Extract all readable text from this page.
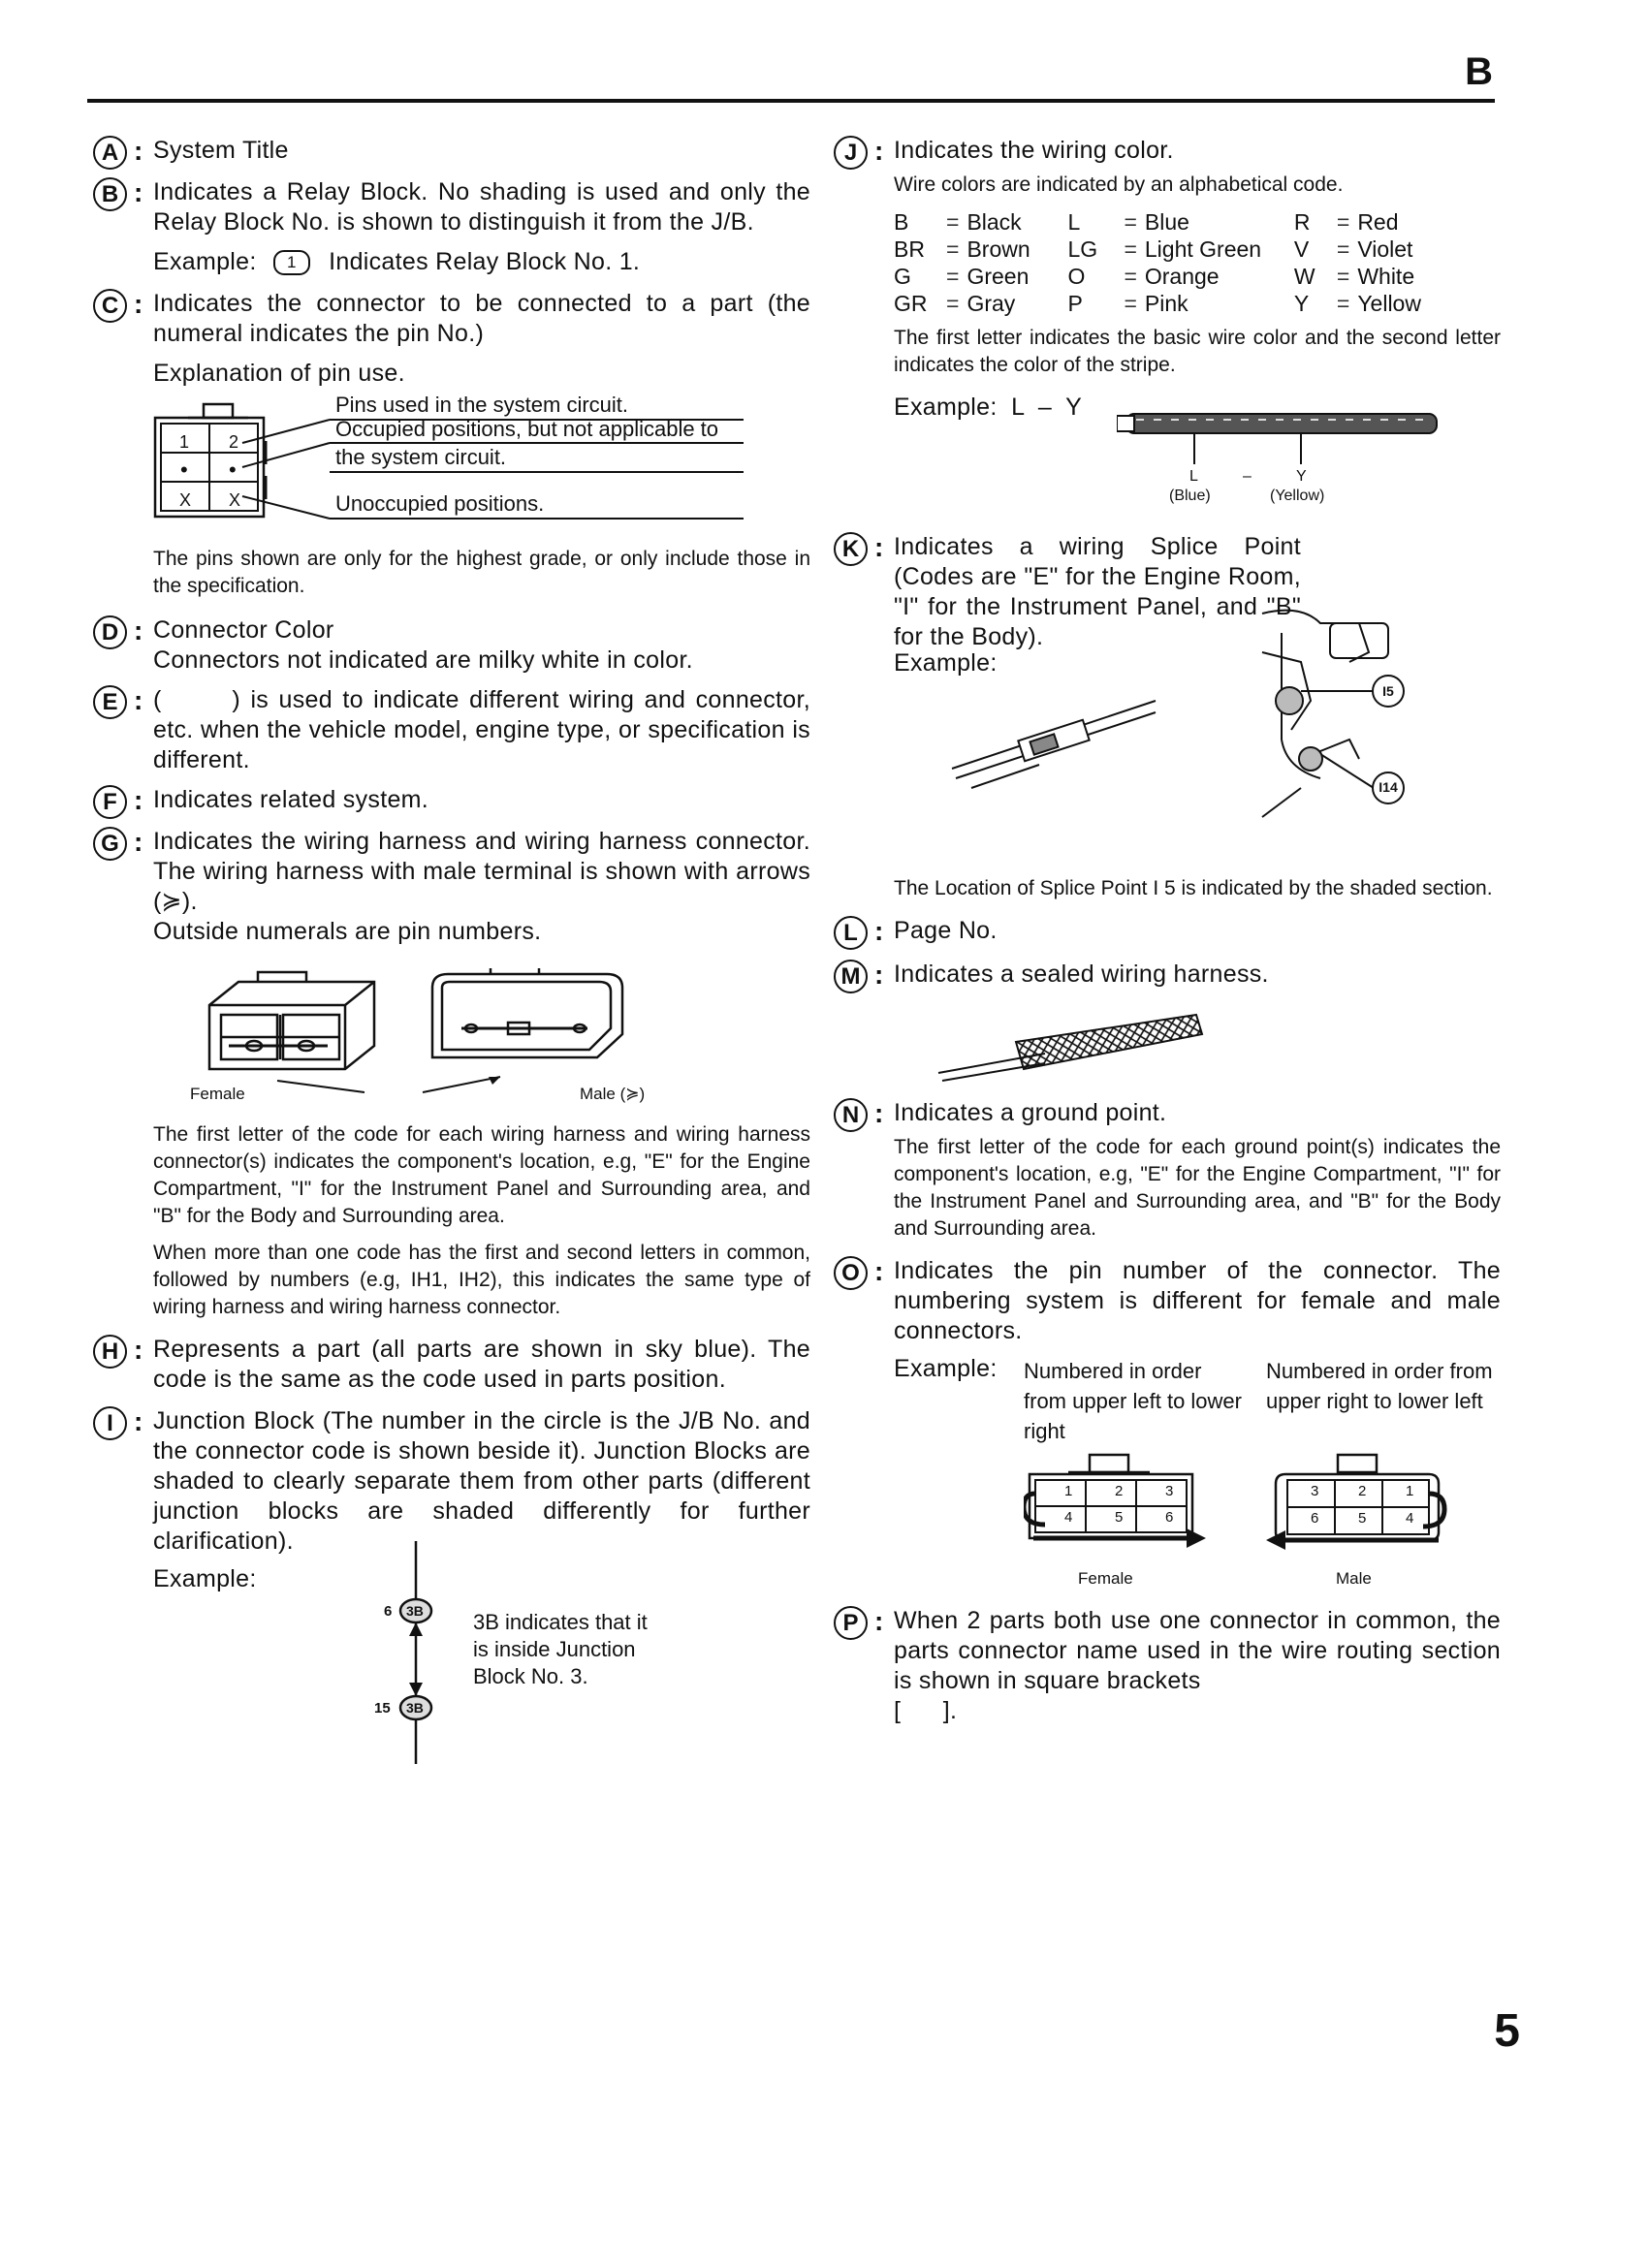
B
A :	System Title

B :	Indicates a Relay Block. No shading is used and only the Relay Block No. is shown to distinguish it from the J/B.

Example: 1 Indicates Relay Block No. 1.

C :	Indicates the connector to be connected to a part (the numeral indicates the pin No.)

Explanation of pin use.

1 2
• •
X X
Pins used in the system circuit.
Occupied positions, but not applicable to the system circuit.
Unoccupied positions.

The pins shown are only for the highest grade, or only include those in the specification.

D :	Connector Color

Connectors not indicated are milky white in color.

E :	(       ) is used to indicate different wiring and connector, etc. when the vehicle model, engine type, or specification is different.

F :	Indicates related system.

G :	Indicates the wiring harness and wiring harness connector. The wiring harness with male terminal is shown with arrows (≽).

Outside numerals are pin numbers.

Female	Male (≽)

The first letter of the code for each wiring harness and wiring harness connector(s) indicates the component's location, e.g, "E" for the Engine Compartment, "I" for the Instrument Panel and Surrounding area, and "B" for the Body and Surrounding area.

When more than one code has the first and second letters in common, followed by numbers (e.g, IH1, IH2), this indicates the same type of wiring harness and wiring harness connector.

H :	Represents a part (all parts are shown in sky blue). The code is the same as the code used in parts position.

I :	Junction Block (The number in the circle is the J/B No. and the connector code is shown beside it). Junction Blocks are shaded to clearly separate them from other parts (different junction blocks are shaded differently for further clarification).

Example:

6 3B
15 3B

3B indicates that it is inside Junction Block No. 3.

J :	Indicates the wiring color.

Wire colors are indicated by an alphabetical code.

B	=	Black	L	=	Blue	R	=	Red
BR	=	Brown	LG	=	Light Green	V	=	Violet
G	=	Green	O	=	Orange	W	=	White
GR	=	Gray	P	=	Pink	Y	=	Yellow

The first letter indicates the basic wire color and the second letter indicates the color of the stripe.

Example:  L  –  Y

L	–	Y
(Blue)	(Yellow)
K :	Indicates a wiring Splice Point (Codes are "E" for the Engine Room, "I" for the Instrument Panel, and "B" for the Body).

Example:

I5
I14

The Location of Splice Point I 5 is indicated by the shaded section.

L :	Page No.

M :	Indicates a sealed wiring harness.

N :	Indicates a ground point.

The first letter of the code for each ground point(s) indicates the component's location, e.g, "E" for the Engine Compartment, "I" for the Instrument Panel and Surrounding area, and "B" for the Body and Surrounding area.

O :	Indicates the pin number of the connector. The numbering system is different for female and male connectors.

Example: Numbered in order from upper left to lower right

Numbered in order from upper right to lower left

1	2	3
4	5	6
Female
3	2	1
6	5	4
Male
P :	When 2 parts both use one connector in common, the parts connector name used in the wire routing section is shown in square brackets

[      ].

5
